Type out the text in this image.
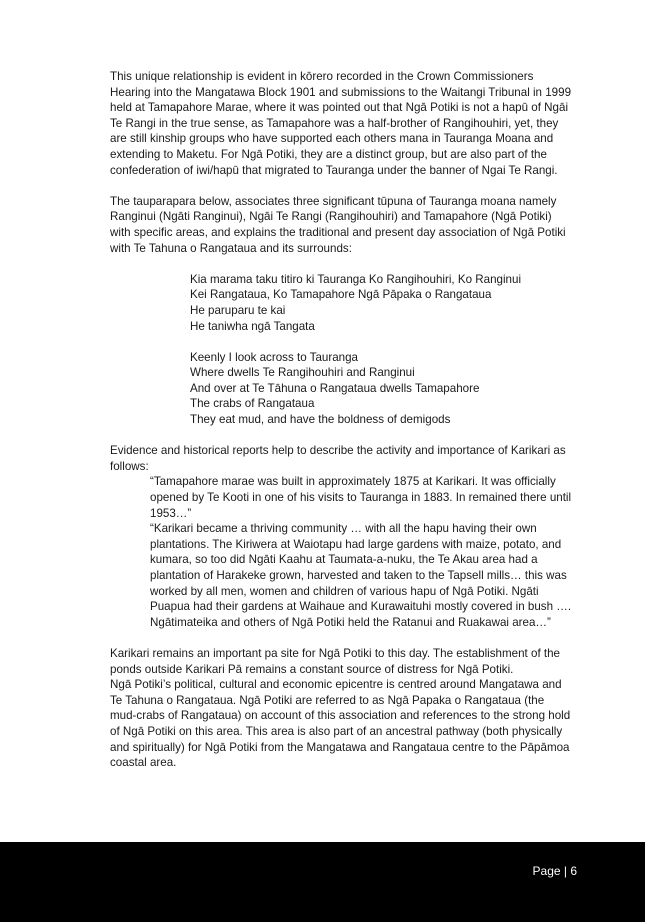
This unique relationship is evident in kōrero recorded in the Crown Commissioners Hearing into the Mangatawa Block 1901 and submissions to the Waitangi Tribunal in 1999 held at Tamapahore Marae, where it was pointed out that Ngā Potiki is not a hapū of Ngāi Te Rangi in the true sense, as Tamapahore was a half-brother of Rangihouhiri, yet, they are still kinship groups who have supported each others mana in Tauranga Moana and extending to Maketu. For Ngā Potiki, they are a distinct group, but are also part of the confederation of iwi/hapū that migrated to Tauranga under the banner of Ngai Te Rangi.

The tauparapara below, associates three significant tūpuna of Tauranga moana namely Ranginui (Ngāti Ranginui), Ngāi Te Rangi (Rangihouhiri) and Tamapahore (Ngā Potiki) with specific areas, and explains the traditional and present day association of Ngā Potiki with Te Tahuna o Rangataua and its surrounds:

Kia marama taku titiro ki Tauranga Ko Rangihouhiri, Ko Ranginui

Kei Rangataua, Ko Tamapahore Ngā Pāpaka o Rangataua

He paruparu te kai

He taniwha ngā Tangata

Keenly I look across to Tauranga

Where dwells Te Rangihouhiri and Ranginui

And over at Te Tāhuna o Rangataua dwells Tamapahore

The crabs of Rangataua

They eat mud, and have the boldness of demigods

Evidence and historical reports help to describe the activity and importance of Karikari as follows:

“Tamapahore marae was built in approximately 1875 at Karikari. It was officially opened by Te Kooti in one of his visits to Tauranga in 1883. In remained there until 1953…”

“Karikari became a thriving community … with all the hapu having their own plantations. The Kiriwera at Waiotapu had large gardens with maize, potato, and kumara, so too did Ngāti Kaahu at Taumata-a-nuku, the Te Akau area had a plantation of Harakeke grown, harvested and taken to the Tapsell mills… this was worked by all men, women and children of various hapu of Ngā Potiki. Ngāti Puapua had their gardens at Waihaue and Kurawaituhi mostly covered in bush …. Ngātimateika and others of Ngā Potiki held the Ratanui and Ruakawai area…”

Karikari remains an important pa site for Ngā Potiki to this day. The establishment of the ponds outside Karikari Pā remains a constant source of distress for Ngā Potiki.

Ngā Potiki’s political, cultural and economic epicentre is centred around Mangatawa and Te Tahuna o Rangataua. Ngā Potiki are referred to as Ngā Papaka o Rangataua (the mud-crabs of Rangataua) on account of this association and references to the strong hold of Ngā Potiki on this area. This area is also part of an ancestral pathway (both physically and spiritually) for Ngā Potiki from the Mangatawa and Rangataua centre to the Pāpāmoa coastal area.

Page | 6
